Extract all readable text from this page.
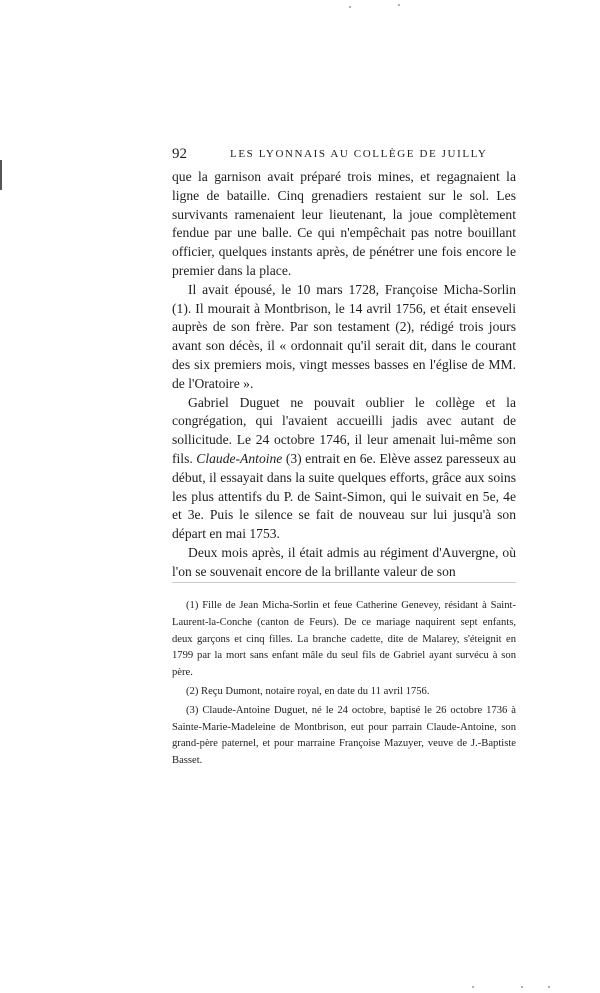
92	LES LYONNAIS AU COLLÈGE DE JUILLY

que la garnison avait préparé trois mines, et regagnaient la ligne de bataille. Cinq grenadiers restaient sur le sol. Les survivants ramenaient leur lieutenant, la joue complètement fendue par une balle. Ce qui n'empêchait pas notre bouillant officier, quelques instants après, de pénétrer une fois encore le premier dans la place.

Il avait épousé, le 10 mars 1728, Françoise Micha-Sorlin (1). Il mourait à Montbrison, le 14 avril 1756, et était enseveli auprès de son frère. Par son testament (2), rédigé trois jours avant son décès, il « ordonnait qu'il serait dit, dans le courant des six premiers mois, vingt messes basses en l'église de MM. de l'Oratoire ».

Gabriel Duguet ne pouvait oublier le collège et la congrégation, qui l'avaient accueilli jadis avec autant de sollicitude. Le 24 octobre 1746, il leur amenait lui-même son fils. Claude-Antoine (3) entrait en 6e. Elève assez paresseux au début, il essayait dans la suite quelques efforts, grâce aux soins les plus attentifs du P. de Saint-Simon, qui le suivait en 5e, 4e et 3e. Puis le silence se fait de nouveau sur lui jusqu'à son départ en mai 1753.

Deux mois après, il était admis au régiment d'Auvergne, où l'on se souvenait encore de la brillante valeur de son

(1) Fille de Jean Micha-Sorlin et feue Catherine Genevey, résidant à Saint-Laurent-la-Conche (canton de Feurs). De ce mariage naquirent sept enfants, deux garçons et cinq filles. La branche cadette, dite de Malarey, s'éteignit en 1799 par la mort sans enfant mâle du seul fils de Gabriel ayant survécu à son père.

(2) Reçu Dumont, notaire royal, en date du 11 avril 1756.

(3) Claude-Antoine Duguet, né le 24 octobre, baptisé le 26 octobre 1736 à Sainte-Marie-Madeleine de Montbrison, eut pour parrain Claude-Antoine, son grand-père paternel, et pour marraine Françoise Mazuyer, veuve de J.-Baptiste Basset.
